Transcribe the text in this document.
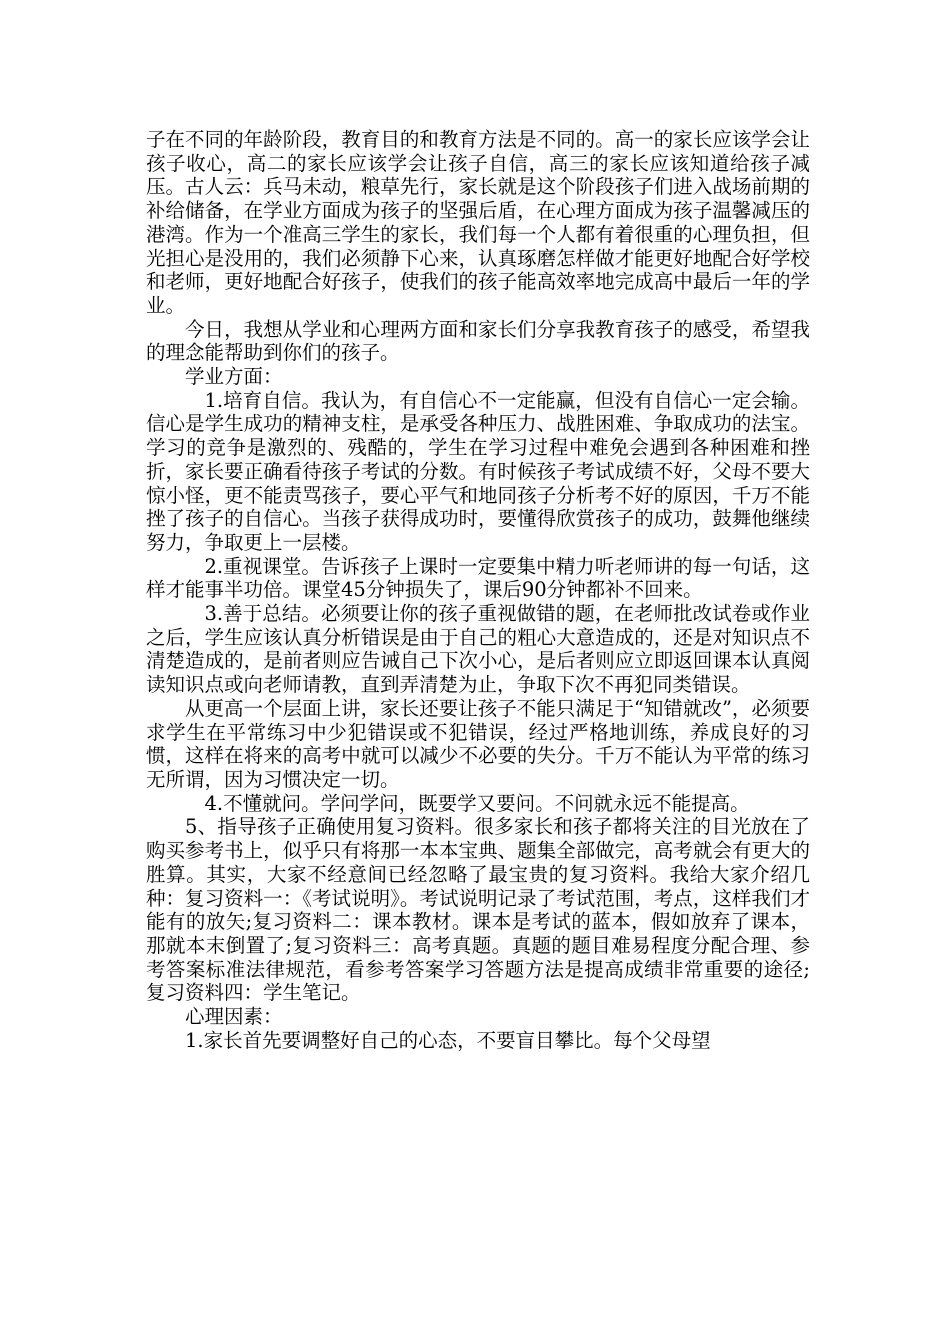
子在不同的年龄阶段，教育目的和教育方法是不同的。高一的家长应该学会让孩子收心，高二的家长应该学会让孩子自信，高三的家长应该知道给孩子减压。古人云：兵马未动，粮草先行，家长就是这个阶段孩子们进入战场前期的补给储备，在学业方面成为孩子的坚强后盾，在心理方面成为孩子温馨减压的港湾。作为一个准高三学生的家长，我们每一个人都有着很重的心理负担，但光担心是没用的，我们必须静下心来，认真琢磨怎样做才能更好地配合好学校和老师，更好地配合好孩子，使我们的孩子能高效率地完成高中最后一年的学业。

今日，我想从学业和心理两方面和家长们分享我教育孩子的感受，希望我的理念能帮助到你们的孩子。

学业方面：

1.培育自信。我认为，有自信心不一定能赢，但没有自信心一定会输。信心是学生成功的精神支柱，是承受各种压力、战胜困难、争取成功的法宝。学习的竞争是激烈的、残酷的，学生在学习过程中难免会遇到各种困难和挫折，家长要正确看待孩子考试的分数。有时候孩子考试成绩不好，父母不要大惊小怪，更不能责骂孩子，要心平气和地同孩子分析考不好的原因，千万不能挫了孩子的自信心。当孩子获得成功时，要懂得欣赏孩子的成功，鼓舞他继续努力，争取更上一层楼。

2.重视课堂。告诉孩子上课时一定要集中精力听老师讲的每一句话，这样才能事半功倍。课堂45分钟损失了，课后90分钟都补不回来。

3.善于总结。必须要让你的孩子重视做错的题，在老师批改试卷或作业之后，学生应该认真分析错误是由于自己的粗心大意造成的，还是对知识点不清楚造成的，是前者则应告诫自己下次小心，是后者则应立即返回课本认真阅读知识点或向老师请教，直到弄清楚为止，争取下次不再犯同类错误。

从更高一个层面上讲，家长还要让孩子不能只满足于“知错就改”，必须要求学生在平常练习中少犯错误或不犯错误，经过严格地训练，养成良好的习惯，这样在将来的高考中就可以减少不必要的失分。千万不能认为平常的练习无所谓，因为习惯决定一切。

4.不懂就问。学问学问，既要学又要问。不问就永远不能提高。

5、指导孩子正确使用复习资料。很多家长和孩子都将关注的目光放在了购买参考书上，似乎只有将那一本本宝典、题集全部做完，高考就会有更大的胜算。其实，大家不经意间已经忽略了最宝贵的复习资料。我给大家介绍几种：复习资料一：《考试说明》。考试说明记录了考试范围，考点，这样我们才能有的放矢;复习资料二：课本教材。课本是考试的蓝本，假如放弃了课本，那就本末倒置了;复习资料三：高考真题。真题的题目难易程度分配合理、参考答案标准法律规范，看参考答案学习答题方法是提高成绩非常重要的途径;复习资料四：学生笔记。

心理因素：

1.家长首先要调整好自己的心态，不要盲目攀比。每个父母望
